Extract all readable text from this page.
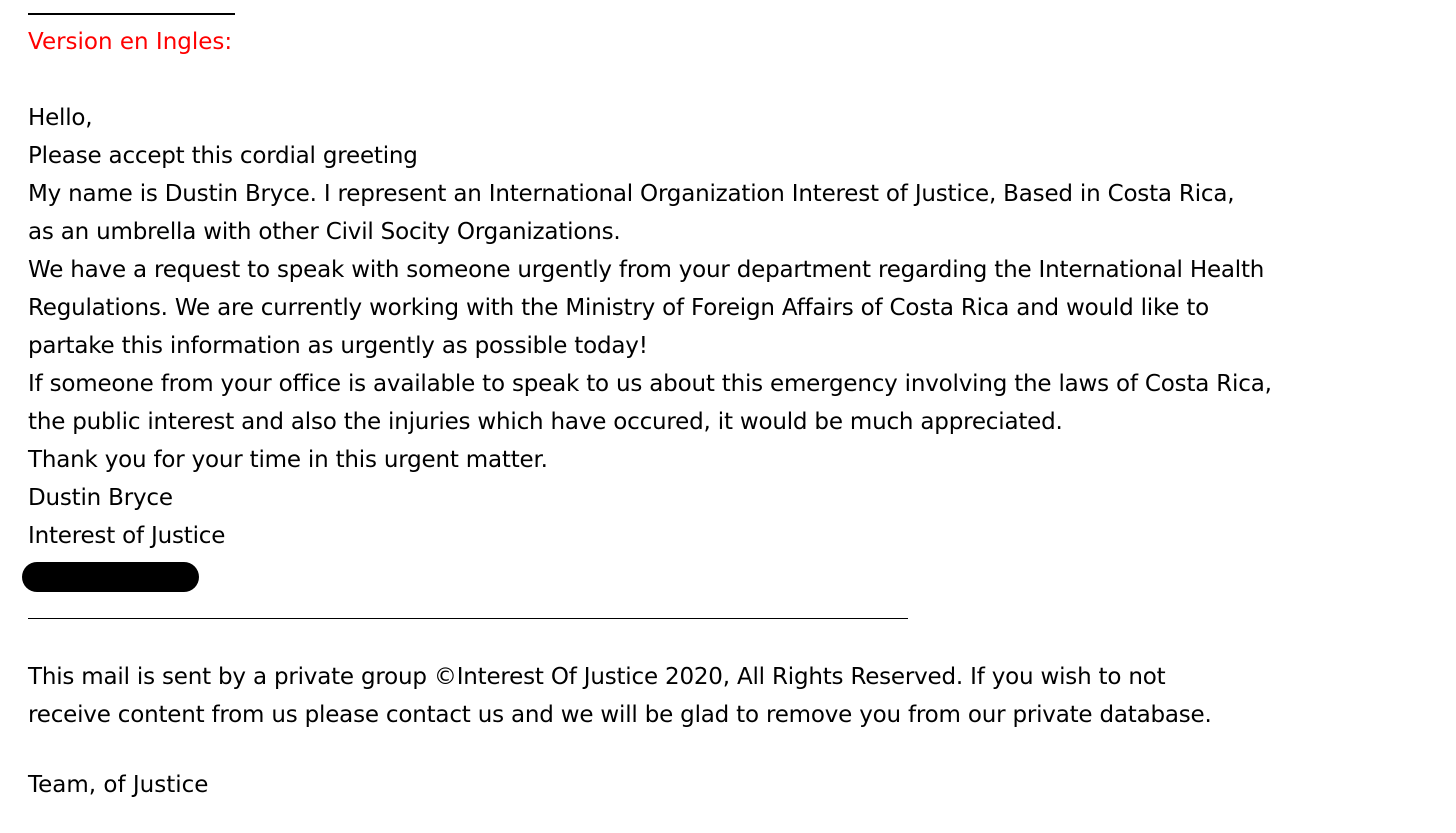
Version en Ingles:
Hello,
Please accept this cordial greeting
My name is Dustin Bryce. I represent an International Organization Interest of Justice, Based in Costa Rica,
as an umbrella with other Civil Socity Organizations.
We have a request to speak with someone urgently from your department regarding the International Health
Regulations. We are currently working with the Ministry of Foreign Affairs of Costa Rica and would like to
partake this information as urgently as possible today!
If someone from your office is available to speak to us about this emergency involving the laws of Costa Rica,
the public interest and also the injuries which have occured, it would be much appreciated.
Thank you for your time in this urgent matter.
Dustin Bryce
Interest of Justice
This mail is sent by a private group ©Interest Of Justice 2020, All Rights Reserved. If you wish to not
receive content from us please contact us and we will be glad to remove you from our private database.
Team, of Justice
